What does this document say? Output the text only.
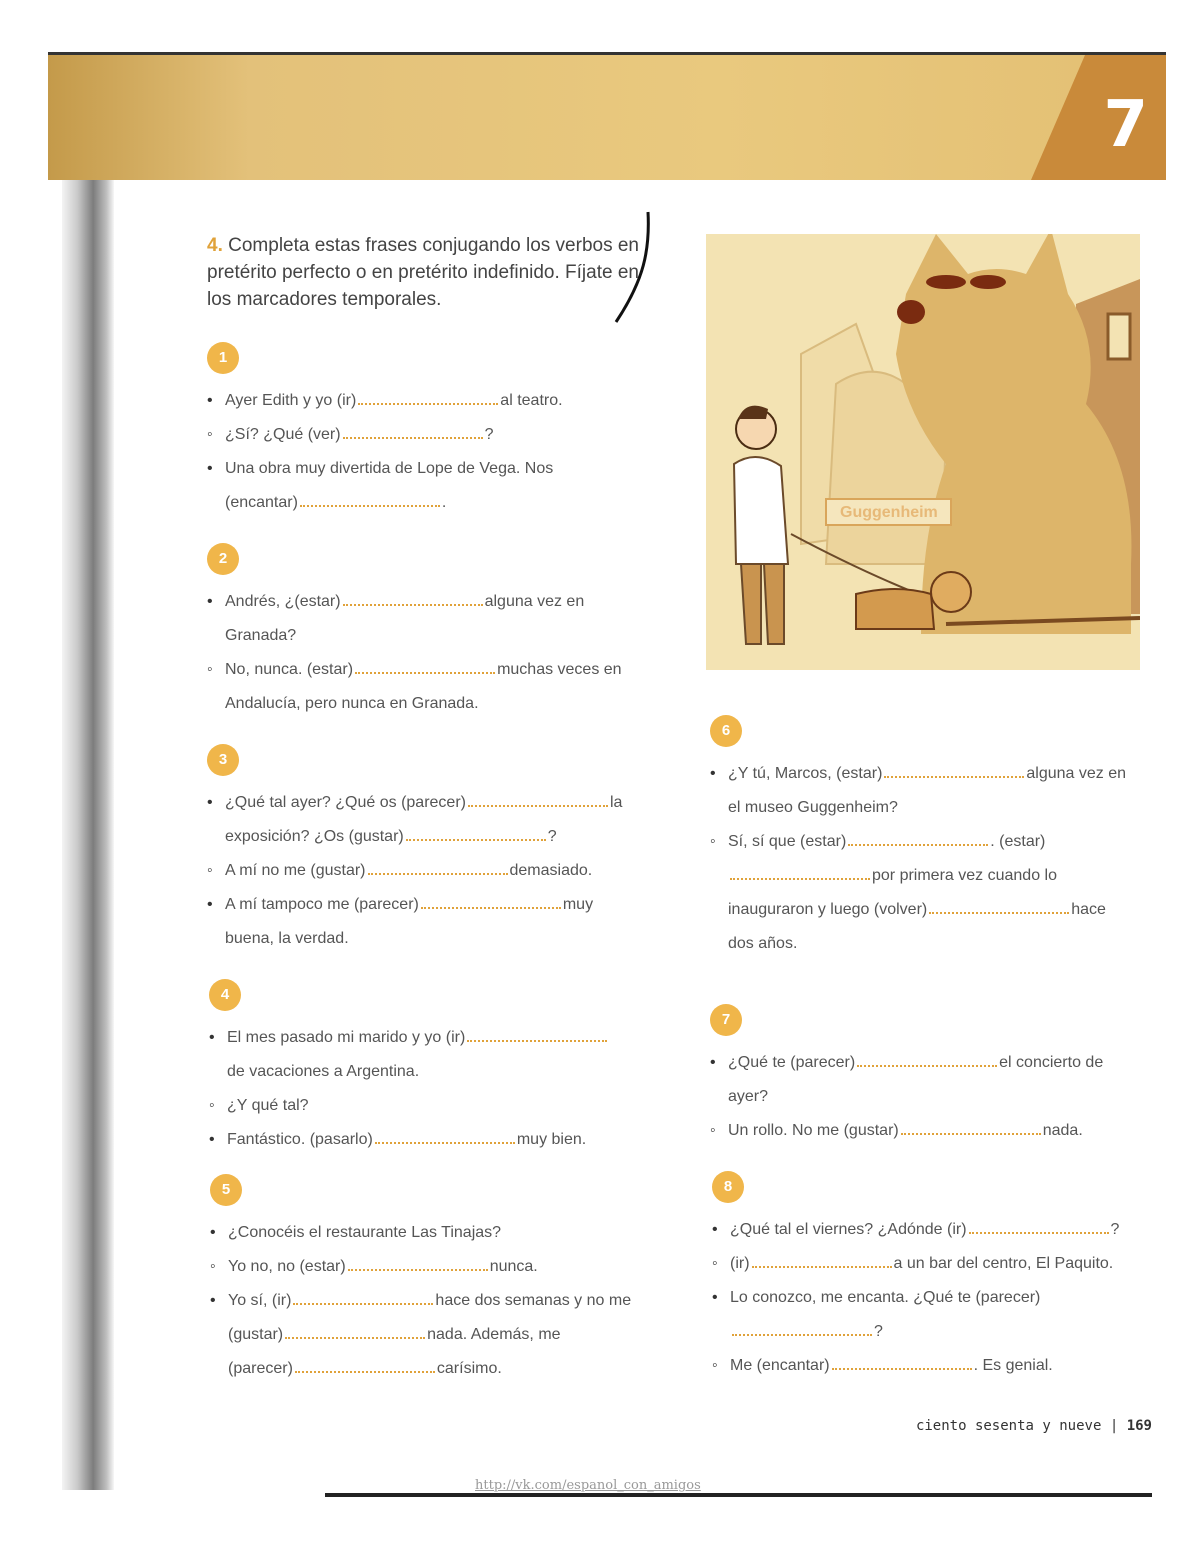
7
4. Completa estas frases conjugando los verbos en pretérito perfecto o en pretérito indefinido. Fíjate en los marcadores temporales.
Guggenheim
1

• Ayer Edith y yo (ir)	al teatro.

◦ ¿Sí? ¿Qué (ver)	?

• Una obra muy divertida de Lope de Vega. Nos

(encantar)	.

2

• Andrés, ¿(estar)	alguna vez en

Granada?

◦ No, nunca. (estar)	muchas veces en

Andalucía, pero nunca en Granada.

3

• ¿Qué tal ayer? ¿Qué os (parecer)	la

exposición? ¿Os (gustar)	?

◦ A mí no me (gustar)	demasiado.

• A mí tampoco me (parecer)	muy

buena, la verdad.

4

• El mes pasado mi marido y yo (ir)

de vacaciones a Argentina.

◦ ¿Y qué tal?

• Fantástico. (pasarlo)	muy bien.

5

• ¿Conocéis el restaurante Las Tinajas?

◦ Yo no, no (estar)	nunca.

• Yo sí, (ir)	hace dos semanas y no me

(gustar)	nada. Además, me

(parecer)	carísimo.

6

• ¿Y tú, Marcos, (estar)	alguna vez en

el museo Guggenheim?

◦ Sí, sí que (estar)	. (estar)

por primera vez cuando lo

inauguraron y luego (volver)	hace

dos años.

7

• ¿Qué te (parecer)	el concierto de

ayer?

◦ Un rollo. No me (gustar)	nada.

8

• ¿Qué tal el viernes? ¿Adónde (ir)	?

◦ (ir)	a un bar del centro, El Paquito.

• Lo conozco, me encanta. ¿Qué te (parecer)

?

◦ Me (encantar)	. Es genial.

ciento sesenta y nueve | 169
http://vk.com/espanol_con_amigos
